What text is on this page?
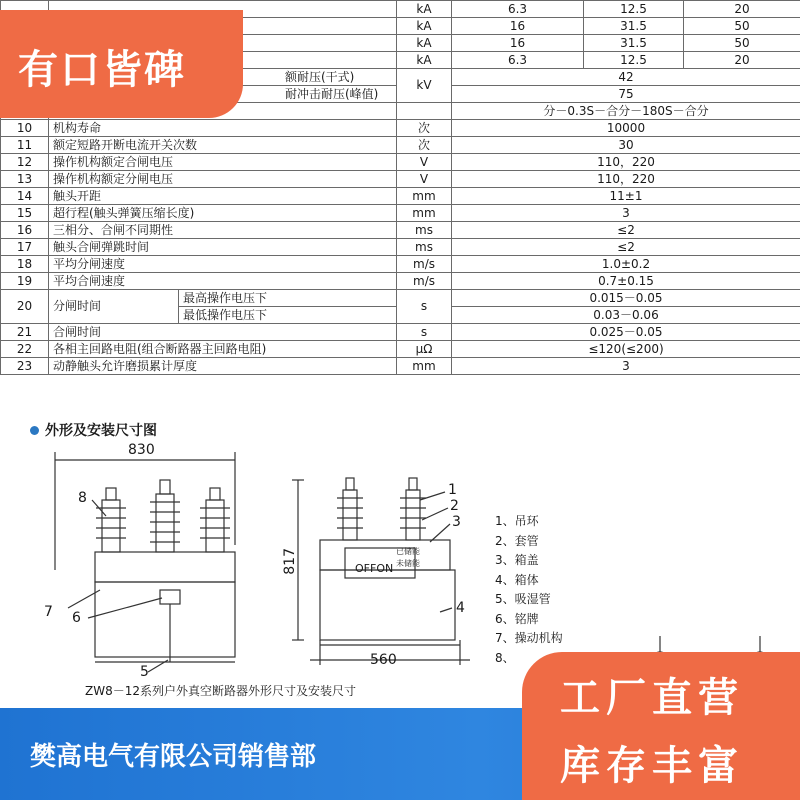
			kA	6.3	12.5	20
			kA	16	31.5	50
			kA	16	31.5	50
			kA	6.3	12.5	20
	额耐压(干式)		kV	42		
	耐冲击耐压(峰值)			75		
			分－0.3S－合分－180S－合分		
10	机构寿命		次	10000		
11	额定短路开断电流开关次数		次	30		
12	操作机构额定合闸电压		V	110，220		
13	操作机构额定分闸电压		V	110，220		
14	触头开距		mm	11±1		
15	超行程(触头弹簧压缩长度)		mm	3		
16	三相分、合闸不同期性		ms	≤2		
17	触头合闸弹跳时间		ms	≤2		
18	平均分闸速度		m/s	1.0±0.2		
19	平均合闸速度		m/s	0.7±0.15		
20	分闸时间	最高操作电压下	s	0.015－0.05		
		最低操作电压下		0.03－0.06		
21	合闸时间		s	0.025－0.05		
22	各相主回路电阻(组合断路器主回路电阻)		μΩ	≤120(≤200)		
23	动静触头允许磨损累计厚度		mm	3		
外形及安装尺寸图
830
817
560
OFFON
已储能
未储能
8
7 6
5
1
2
3
4
1、吊环
2、套管
3、箱盖
4、箱体
5、吸湿管
6、铭牌
7、操动机构
8、
ZW8－12系列户外真空断路器外形尺寸及安装尺寸
有口皆碑
樊高电气有限公司销售部
工厂直营
库存丰富
